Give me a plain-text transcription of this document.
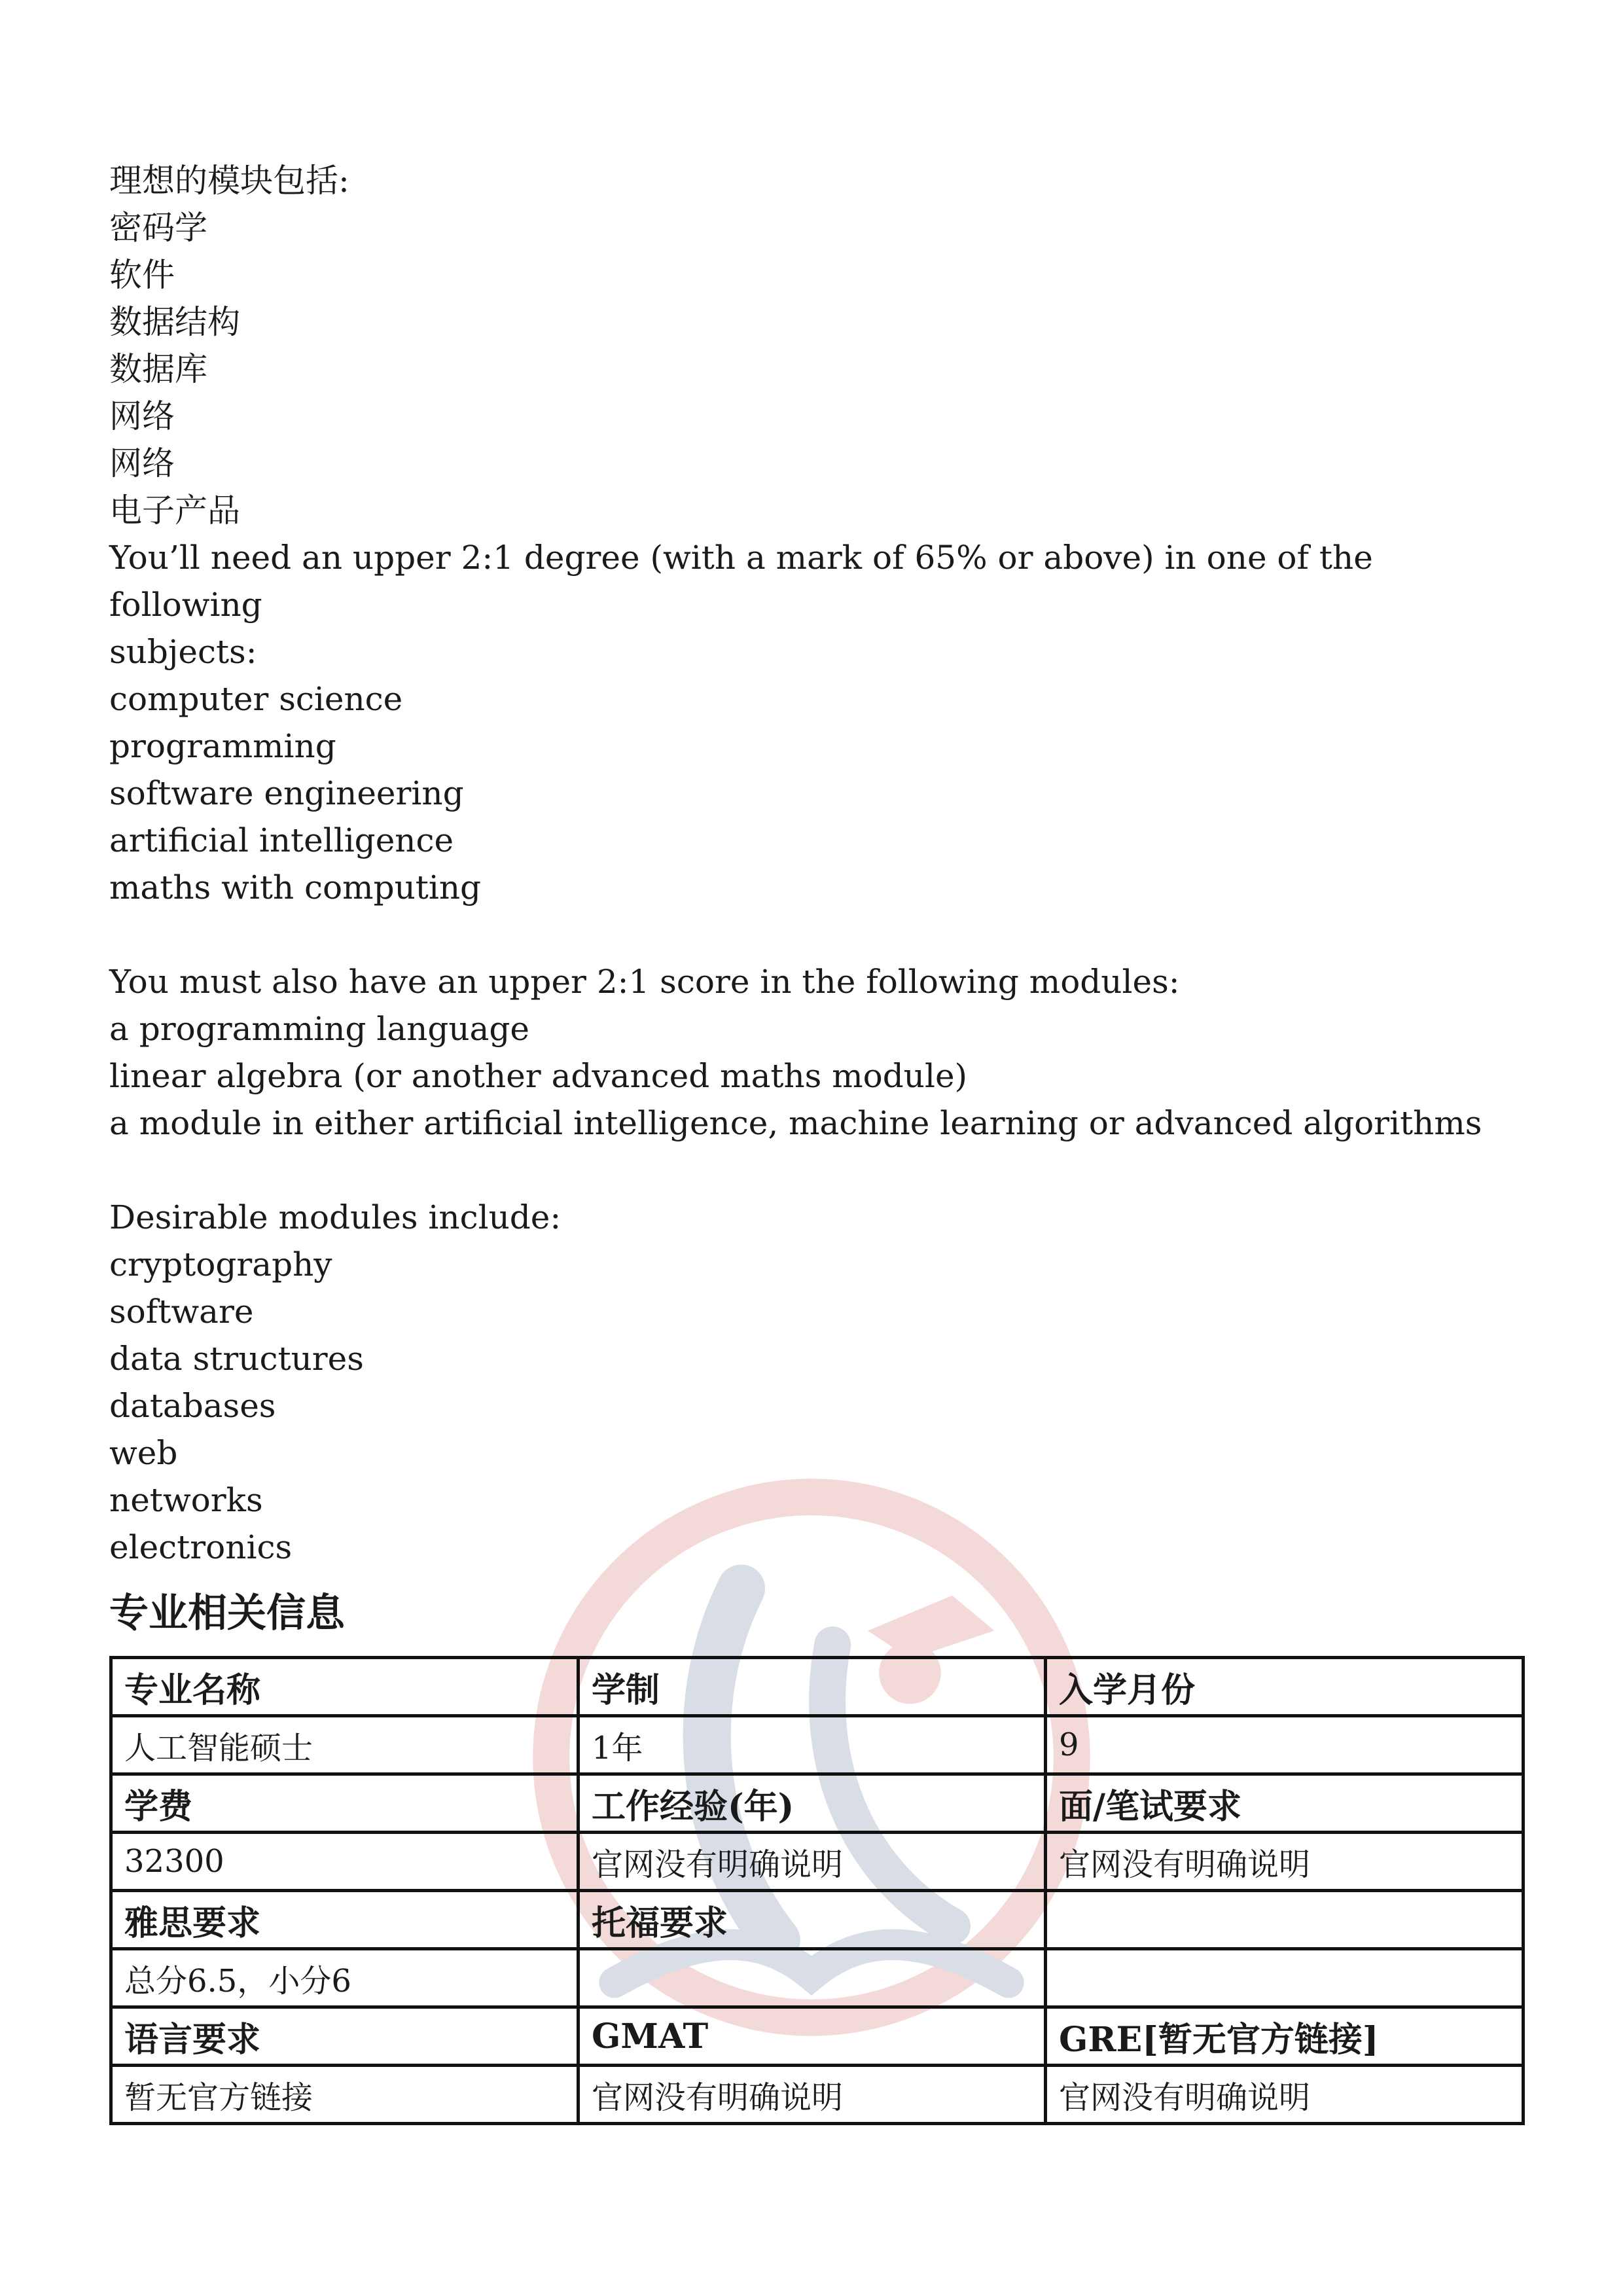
理想的模块包括:
密码学
软件
数据结构
数据库
网络
网络
电子产品
You’ll need an upper 2:1 degree (with a mark of 65% or above) in one of the following
subjects:
computer science
programming
software engineering
artificial intelligence
maths with computing
You must also have an upper 2:1 score in the following modules:
a programming language
linear algebra (or another advanced maths module)
a module in either artificial intelligence, machine learning or advanced algorithms
Desirable modules include:
cryptography
software
data structures
databases
web
networks
electronics
专业相关信息
专业名称	学制	入学月份
人工智能硕士	1年	9
学费	工作经验(年)	面/笔试要求
32300	官网没有明确说明	官网没有明确说明
雅思要求	托福要求	
总分6.5，小分6		
语言要求	GMAT	GRE[暂无官方链接]
暂无官方链接	官网没有明确说明	官网没有明确说明
